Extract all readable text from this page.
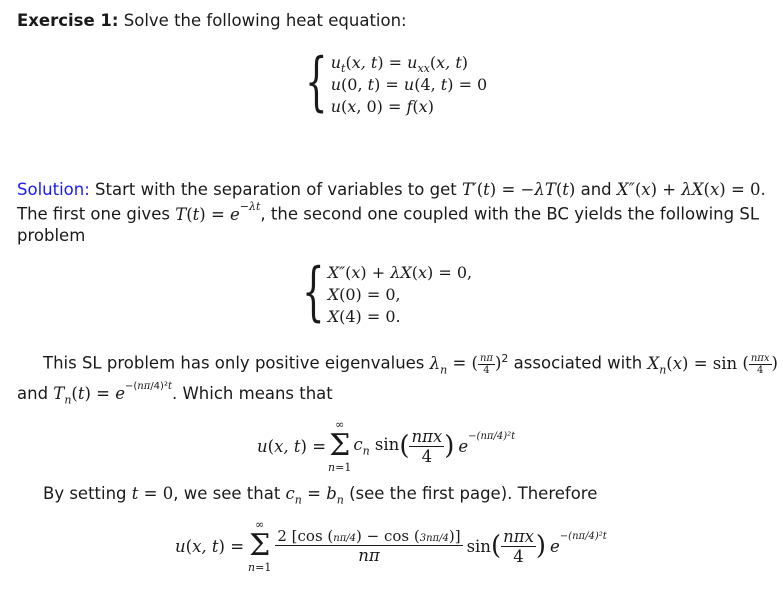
Exercise 1: Solve the following heat equation:
{ $u_t(x$, $t) = u_{xx}(x$, t)
u(0, t) = u(4, t) = 0
u(x, 0) = f(x)
Solution: Start with the separation of variables to get T′(t) = −λT(t) and X″(x) + λX(x) = 0.
The first one gives $T(t) = e^{-\lambda t}$, the second one coupled with the BC yields the following SL
problem
{ X″(x) + λX(x) = 0,
X(0) = 0,
X(4) = 0.
This SL problem has only positive eigenvalues $\lambda_n$ = ( $\frac{n\pi}{4} )^2$ associated with $X_n(x) = \sin$ ( $\frac{\text{nπx}}{4}$ )
and $T_n(t) = e^{-(n\pi/4)^2t}$. Which means that
u(x, t) =
∞
Σ
n=1
$c_n$ sin ( $\frac{\text{nπx}}{4}$ ) e
$^{-(n\pi/4)^2t}$
By setting t = 0, we see that $c_n = b_n$ (see the first page). Therefore
u(x, t) =
∞
Σ
n=1
$\frac{2 [\cos (n\pi/4) - \cos (3n\pi/4)]}{n\pi}$ sin ( $\frac{\text{nπx}}{4}$ ) e
$^{-(n\pi/4)^2t}$
